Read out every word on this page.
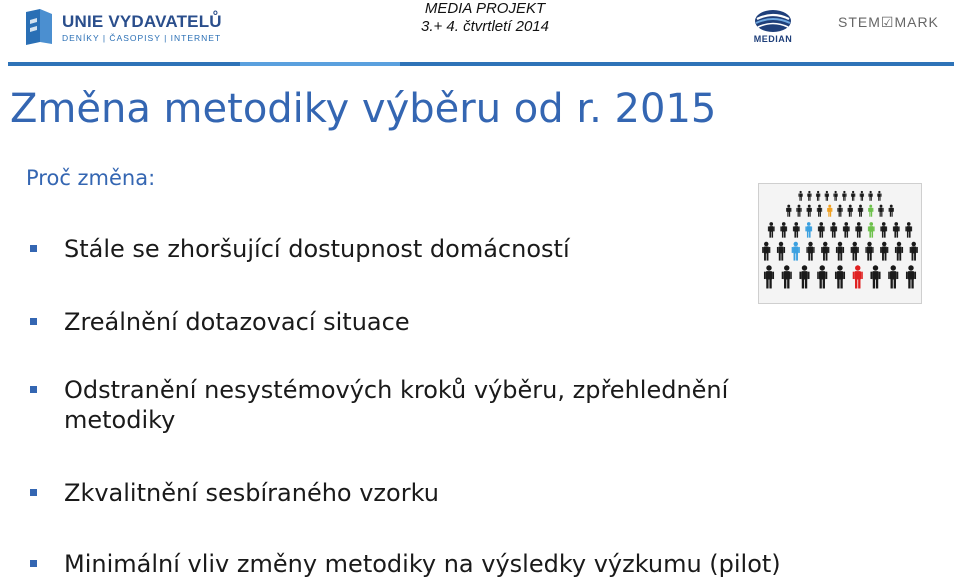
UNIE VYDAVATELŮ
DENÍKY | ČASOPISY | INTERNET
MEDIA PROJEKT
3.+ 4. čtvrtletí 2014
MEDIAN
STEM☑MARK
Změna metodiky výběru od r. 2015
Proč změna:
Stále se zhoršující dostupnost domácností
Zreálnění dotazovací situace
Odstranění nesystémových kroků výběru, zpřehlednění
metodiky
Zkvalitnění sesbíraného vzorku
Minimální vliv změny metodiky na výsledky výzkumu (pilot)
